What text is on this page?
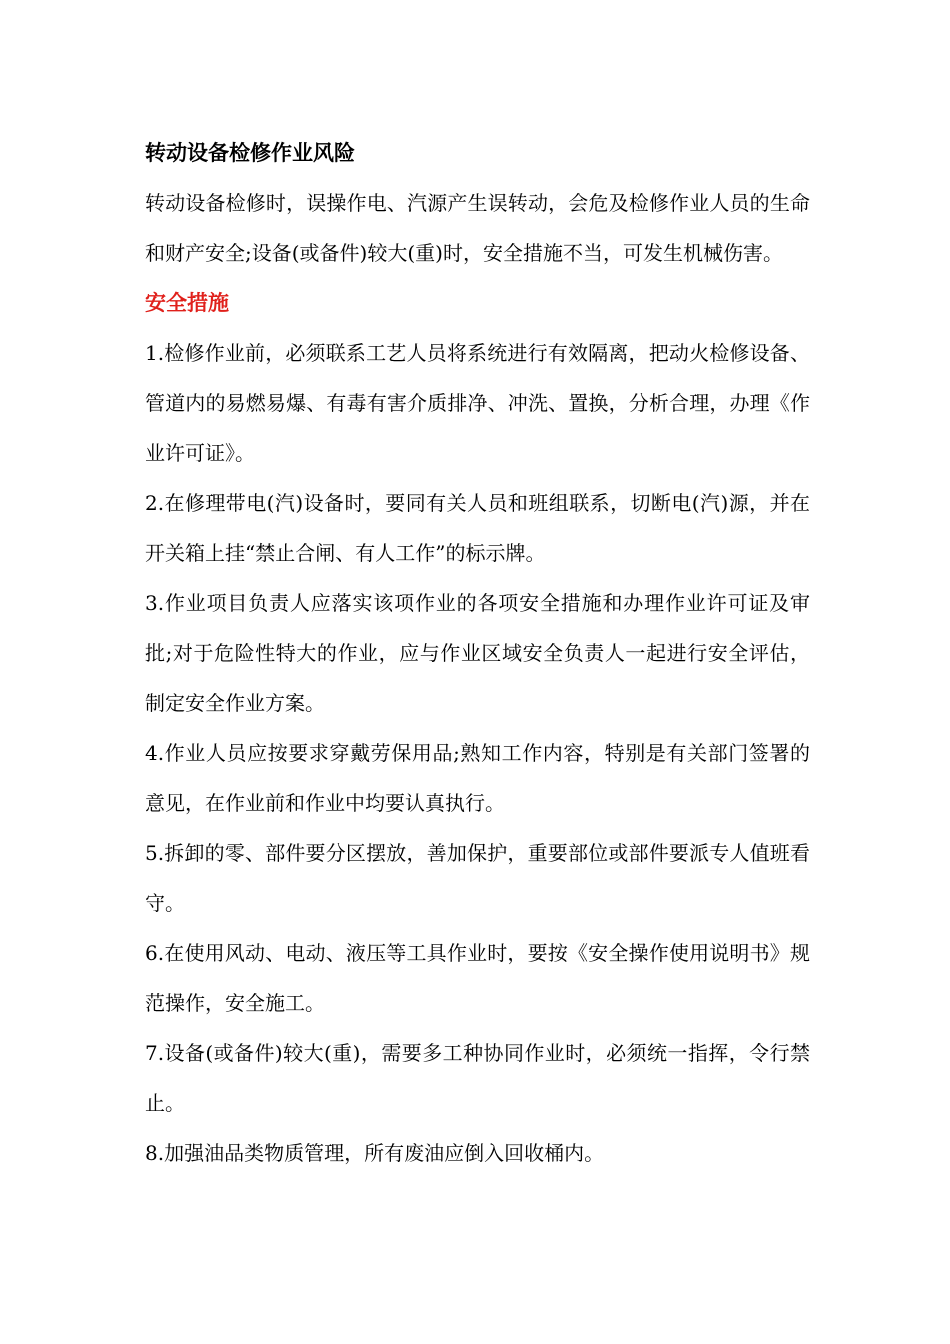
转动设备检修作业风险

转动设备检修时，误操作电、汽源产生误转动，会危及检修作业人员的生命和财产安全;设备(或备件)较大(重)时，安全措施不当，可发生机械伤害。

安全措施

1.检修作业前，必须联系工艺人员将系统进行有效隔离，把动火检修设备、管道内的易燃易爆、有毒有害介质排净、冲洗、置换，分析合理，办理《作业许可证》。

2.在修理带电(汽)设备时，要同有关人员和班组联系，切断电(汽)源，并在开关箱上挂“禁止合闸、有人工作”的标示牌。

3.作业项目负责人应落实该项作业的各项安全措施和办理作业许可证及审批;对于危险性特大的作业，应与作业区域安全负责人一起进行安全评估，制定安全作业方案。

4.作业人员应按要求穿戴劳保用品;熟知工作内容，特别是有关部门签署的意见，在作业前和作业中均要认真执行。

5.拆卸的零、部件要分区摆放，善加保护，重要部位或部件要派专人值班看守。

6.在使用风动、电动、液压等工具作业时，要按《安全操作使用说明书》规范操作，安全施工。

7.设备(或备件)较大(重)，需要多工种协同作业时，必须统一指挥，令行禁止。

8.加强油品类物质管理，所有废油应倒入回收桶内。
